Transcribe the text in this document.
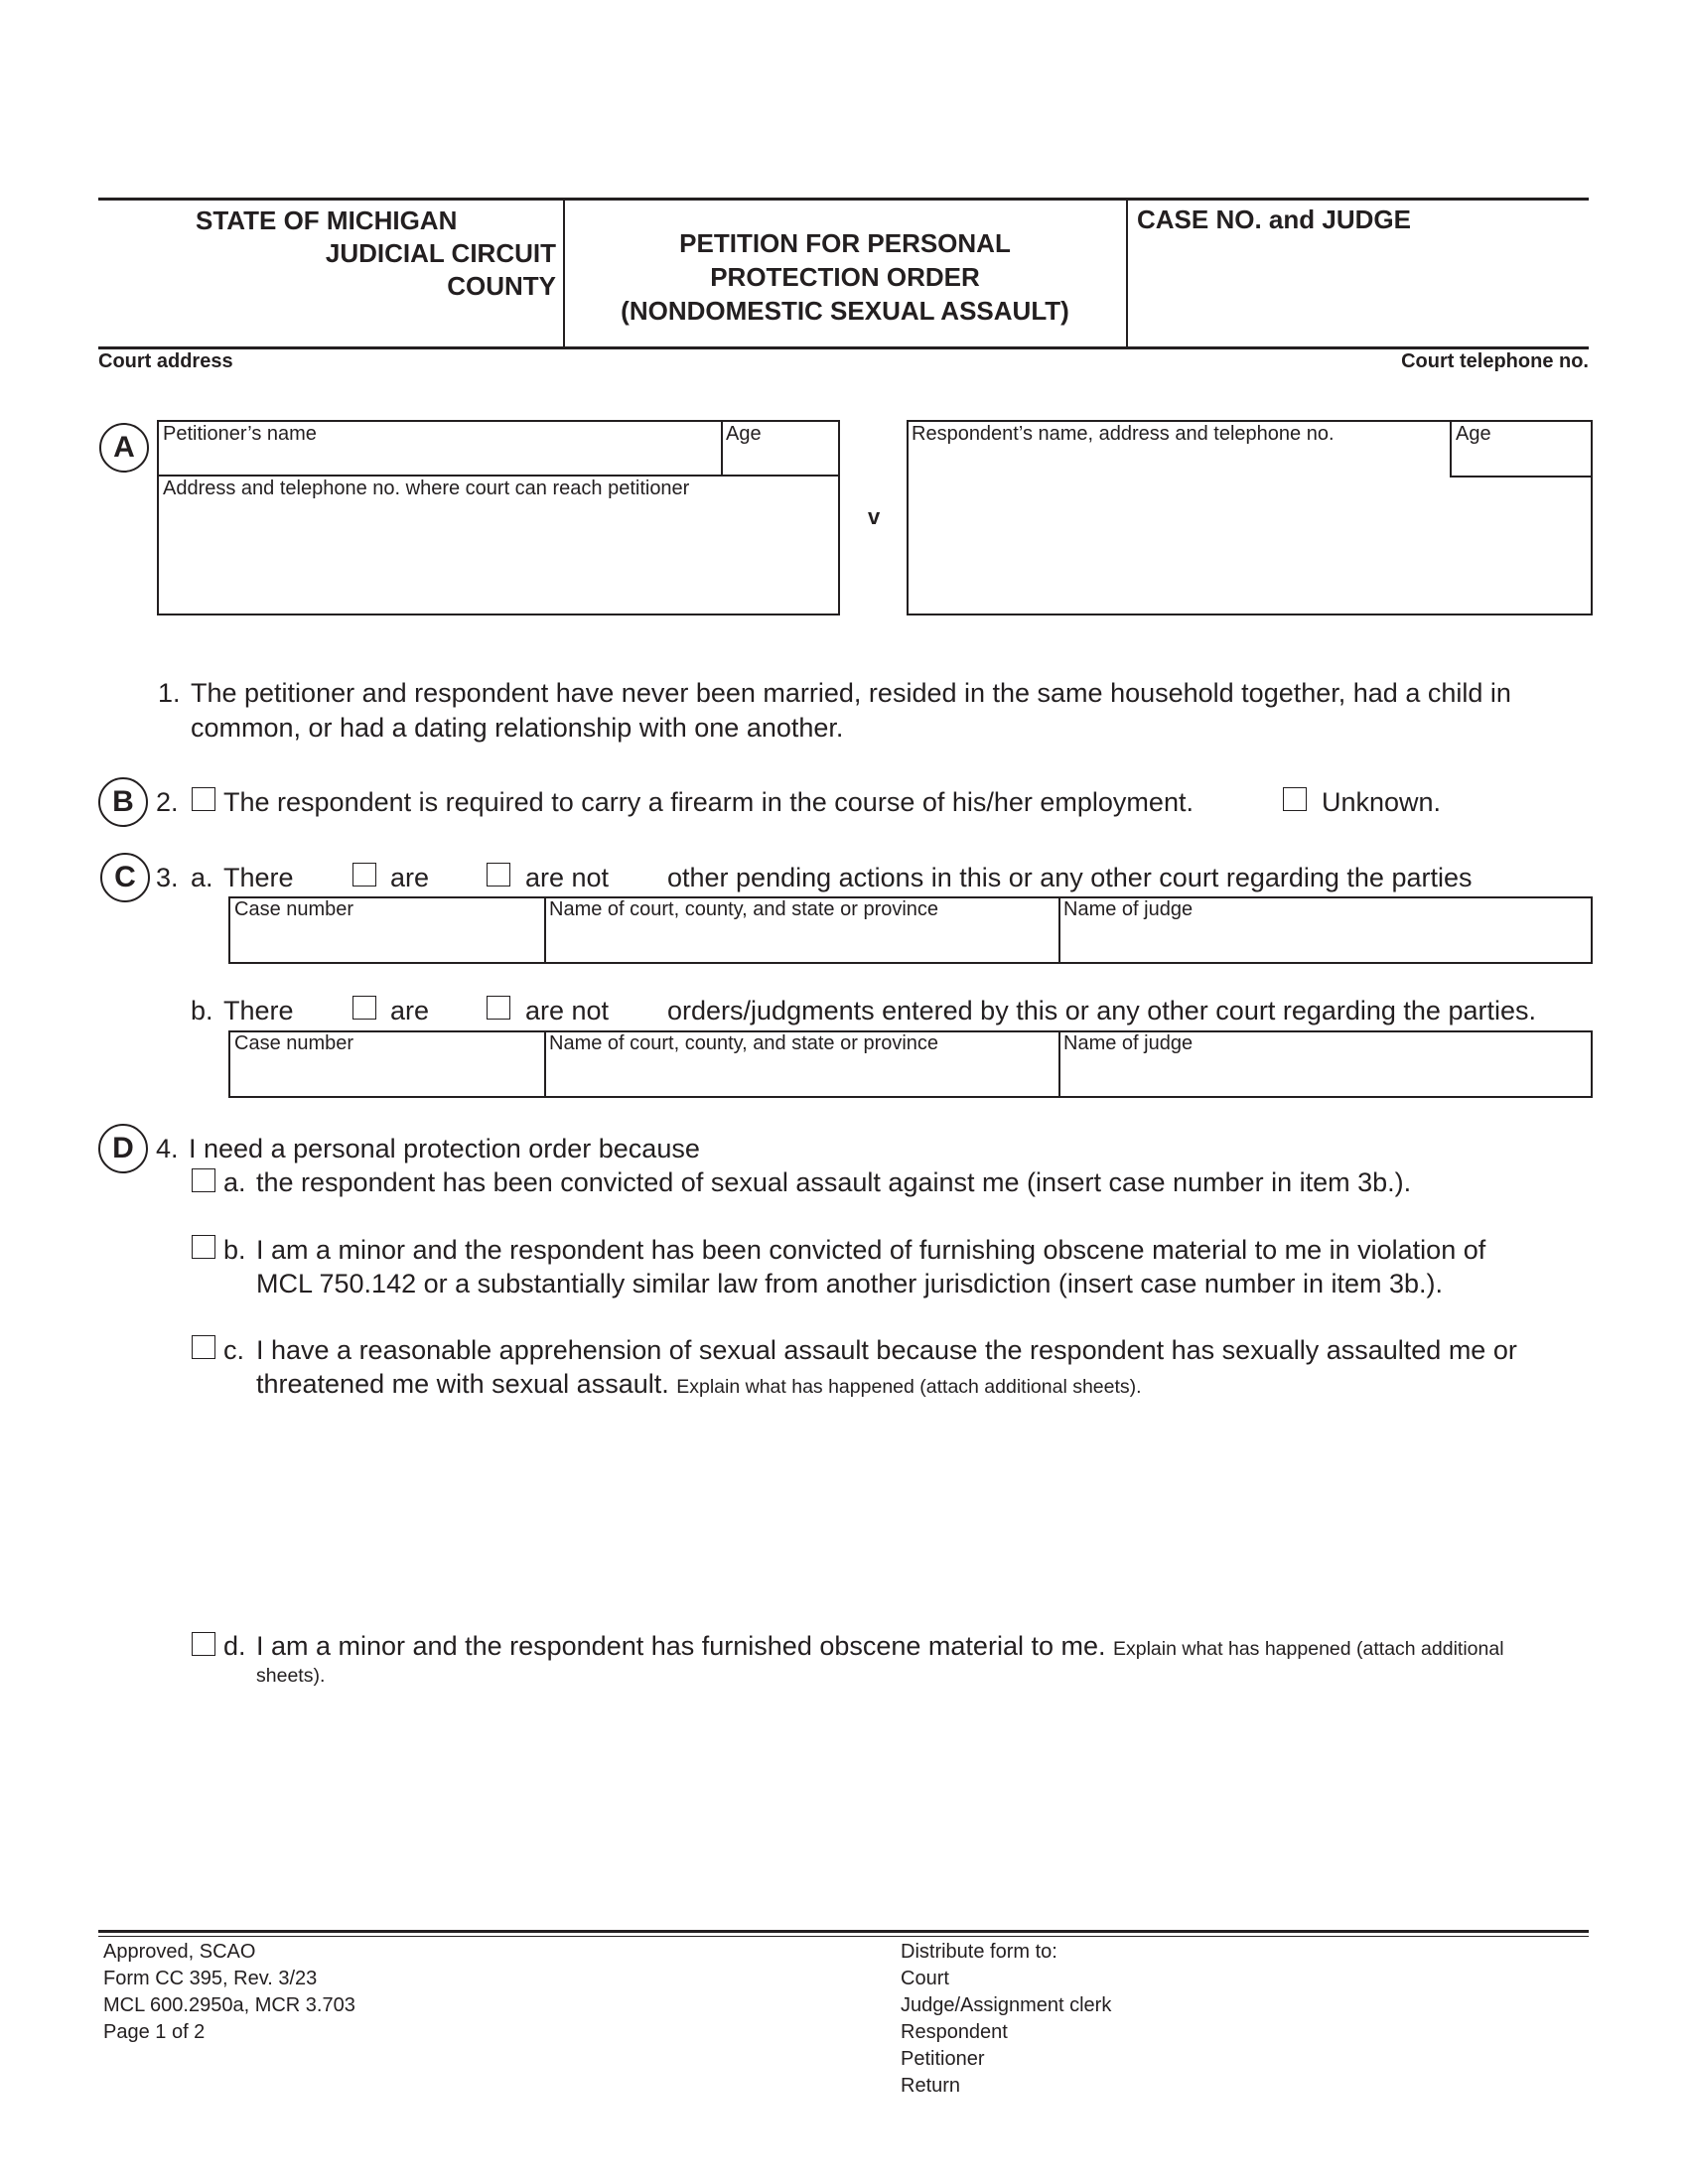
STATE OF MICHIGAN
JUDICIAL CIRCUIT
COUNTY
PETITION FOR PERSONAL
PROTECTION ORDER
(NONDOMESTIC SEXUAL ASSAULT)
CASE NO. and JUDGE
Court address	Court telephone no.
A	Petitioner’s name	Age
Address and telephone no. where court can reach petitioner
v
Respondent’s name, address and telephone no.	Age
1. The petitioner and respondent have never been married, resided in the same household together, had a child in
common, or had a dating relationship with one another.
B 2. The respondent is required to carry a firearm in the course of his/her employment.	Unknown.
C 3. a. There	are	are not other pending actions in this or any other court regarding the parties
Case number	Name of court, county, and state or province	Name of judge
b. There	are	are not orders/judgments entered by this or any other court regarding the parties.
Case number	Name of court, county, and state or province	Name of judge
D 4. I need a personal protection order because
a. the respondent has been convicted of sexual assault against me (insert case number in item 3b.).
b. I am a minor and the respondent has been convicted of furnishing obscene material to me in violation of
MCL 750.142 or a substantially similar law from another jurisdiction (insert case number in item 3b.).
c. I have a reasonable apprehension of sexual assault because the respondent has sexually assaulted me or
threatened me with sexual assault. Explain what has happened (attach additional sheets).
d. I am a minor and the respondent has furnished obscene material to me. Explain what has happened (attach additional
sheets).
Approved, SCAO
Form CC 395, Rev. 3/23
MCL 600.2950a, MCR 3.703
Page 1 of 2
Distribute form to:
Court
Judge/Assignment clerk
Respondent
Petitioner
Return
